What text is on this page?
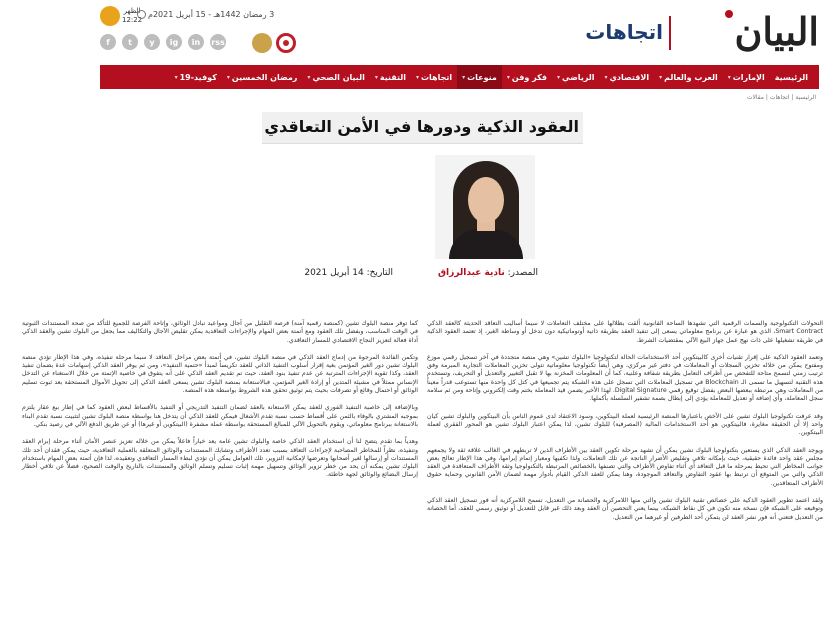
البيان
اتجاهات
الظهر
12:22
3 رمضان 1442هـ - 15 أبريل 2021م
f	t	y	ig	in	rss
الرئيسية
الإمارات
▾
العرب والعالم
▾
الاقتصادي
▾
الرياضي
▾
فكر وفن
▾
منوعات
▾
اتجاهات
▾
التقنية
▾
البيان الصحي
▾
رمضان الخمسين
▾
كوفيد-19
▾
الرئيسية | اتجاهات | مقالات
العقود الذكية ودورها في الأمن التعاقدي
المصدر: نادية عبدالرزاق
التاريخ: 14 أبريل 2021

التحولات التكنولوجية والسمات الرقمية التي تشهدها الساحة القانونية ألقت بظلالها على مختلف التعاملات لا سيما أساليب التعاقد الحديثة كالعقد الذكي Smart Contract، الذي هو عبارة عن برنامج معلوماتي يسعى إلى تنفيذ العقد بطريقة ذاتية أوتوماتيكية دون تدخل أو وساطة الغير، إذ تعتمد العقود الذكية في طريقة تشغيلها على ذات نهج عمل جهاز البيع الآلي بمقتضيات الشرط.

وتعمد العقود الذكية على إقرار تقنيات أخرى كالبيتكوين أحد الاستخدامات الحالة لتكنولوجيا «البلوك تشين» وهي منصة متجددة في آخر تسجيل رقمي موزع ومفتوح يمكن من خلاله تخزين السجلات أو المعاملات في دفتر غير مركزي، وهي أيضاً تكنولوجيا معلوماتية تتولى تخزين المعاملات التجارية المبرمة وفق ترتيب زمني لتسمح متاحة للتفحص من أطراف التعامل بطريقة شفافة وعلنية، كما أن المعلومات المخزنة بها لا تقبل التغيير والتعديل أو التحريف، وتستخدم هذه التقنية لتسهيل ما تسمى الـ Blockchain في تسجيل المعاملات التي تسجل على هذه الشبكة يتم تجميعها في كتل كل واحدة منها تستوعب قدراً معيناً من المعاملات وهي مرتبطة ببعضها البعض بفضل توقيع رقمي Digital Signature. لهذا الأخير يضمن قيد المعاملة بختم وقت إلكتروني وإتاحة ومن ثم سلامة سجل المعاملة، وأي إضافة أو تعديل للمعاملة يؤدي إلى إبطال بصمة تشفير السلسلة بأكملها.

وقد عرفت تكنولوجيا البلوك تشين على الأخص باعتبارها المنصة الرئيسية لعملة البيتكوين، وسود الاعتقاد لدى عموم الناس بأن البيتكوين والبلوك تشين كيان واحد إلا أن الحقيقة مغايرة، فالبيتكوين هو أحد الاستخدامات المالية (المصرفية) للبلوك تشين، لذا يمكن اعتبار البلوك تشين هو المحور الفقري لعملة البيتكوين.

ويوجد العقد الذكي الذي يستعين بتكنولوجيا البلوك تشين يمكن أن تشهد مرحلة تكوين العقد بين الأطراف الذين لا تربطهم في الغالب علاقة ثقة ولا يجمعهم مجلس عقد واحد فائدة حقيقية، حيث بإمكانه تلافي وتقليص الأضرار الناتجة عن تلك التعاملات ولذا تكفيها ومعيار إتمام إبرامها، وفي هذا الإطار تعالج بعض جوانب المخاطر التي تحيط بمرحلة ما قبل التعاقد أي أثناء تفاوض الأطراف والتي تصنفها بالخصائص المرتبطة بالتكنولوجيا وثقة الأطراف المتعاقدة في العقد الذكي والتي من المتوقع أن ترتبط بها عقود التفاوض والتعاقد الموجودة، وهنا يمكن للعقد الذكي القيام بأدوار مهمة لضمان الأمن القانوني وحماية حقوق الأطراف المتعاقدين.

ولقد اعتمد تطوير العقود الذكية على خصائص تقنية البلوك تشين والتي منها اللامركزية والحصانة من التعديل، تسمح اللامركزية أنه فور تسجيل العقد الذكي وتوقيعه على الشبكة فإن نسخة منه تكون في كل نقاط الشبكة، بينما يعني التحصين أن العقد وبعد ذلك غير قابل للتعديل أو توثيق رسمي للعقد، أما الحصانة من التعديل فتعني أنه فور نشر العقد لن يتمكن أحد الطرفين أو غيرهما من التعديل.

كما توفر منصة البلوك تشين (كمنصة رقمية آمنة) فرصة التقليل من آجال ومواعيد تبادل الوثائق، وإتاحة الفرصة للجميع للتأكد من صحة المستندات الثبوتية في الوقت المناسب، وبفضل تلك العقود ومع أتمتة بعض المهام والإجراءات التعاقدية يمكن تقليص الآجال والتكاليف مما يجعل من البلوك تشين والعقد الذكي أداة فعالة لتعزيز النجاح الاقتصادي للمسار التعاقدي.

وتكمن الفائدة المرجوة من إدماج العقد الذكي في منصة البلوك تشين، في أتمتة بعض مراحل التعاقد لا سيما مرحلة تنفيذه، وفي هذا الإطار تؤدي منصة البلوك تشين دور الغير المؤتمن بغية إقرار أسلوب التنفيذ الذاتي للعقد تكريساً لمبدأ «حتمية التنفيذ»، ومن ثم يوفر العقد الذكي إسهامات عدة بضمان تنفيذ العقد، وكذا تقوية الإجراءات المترتبة عن عدم تنفيذ بنود العقد، حيث تم تقديم العقد الذكي على أنه يتفوق في خاصية الإتمتة من خلال الاستغناء عن التدخل الإنساني ممثلاً في مشيئة المتدين أو إرادة الغير المؤتمن، فبالاستعانة بمنصة البلوك تشين يسعى العقد الذكي إلى تحويل الأموال المستحقة بعد ثبوت تسليم الوثائق أو احتمال وقائع أو تصرفات بحيث يتم توثيق تحقق هذه الشروط بواسطة هذه المنصة.

وبالإضافة إلى خاصية التنفيذ الفوري للعقد يمكن الاستعانة بالعقد لضمان التنفيذ التدريجي أو التنفيذ بالأقساط لبعض العقود كما في إطار بيع عقار يلتزم بموجبه المشتري بالوفاء بالثمن على أقساط حسب نسبة تقدم الأشغال فيمكن للعقد الذكي أن يتدخل هنا بواسطة منصة البلوك تشين لتثبيت نسبة تقدم البناء بالاستعانة ببرنامج معلوماتي، ويقوم بالتحويل الآلي للمبالغ المستحقة بواسطة عملة مشفرة (البيتكوين أو غيرها) أو عن طريق الدفع الآلي في رصيد بنكي.

وهدياً بما تقدم يتضح لنا أن استخدام العقد الذكي خاصة والبلوك تشين عامة يعد خياراً فاعلاً يمكن من خلاله تعزيز عنصر الأمان أثناء مرحلة إبرام العقد وتنفيذه، نظراً للمخاطر المصاحبة لإجراءات التعاقد بسبب تعدد الأطراف وتشابك المستندات والوثائق المتعلقة بالعملية التعاقدية، حيث يمكن فقدان أحد تلك المستندات أو إرسالها لغير أصحابها وتعرضها لإمكانية التزوير، تلك العوامل يمكن أن تؤدي لبطء المسار التعاقدي وتعقيده، لذا فإن أتمتة بعض المهام باستخدام البلوك تشين يمكنه أن يحد من خطر تزوير الوثائق وتسهيل مهمة إثبات تسليم وتسلم الوثائق والمستندات بالتاريخ والوقت الصحيح، فضلاً عن تلافي أخطار إرسال البضائع والوثائق لجهة خاطئة.
